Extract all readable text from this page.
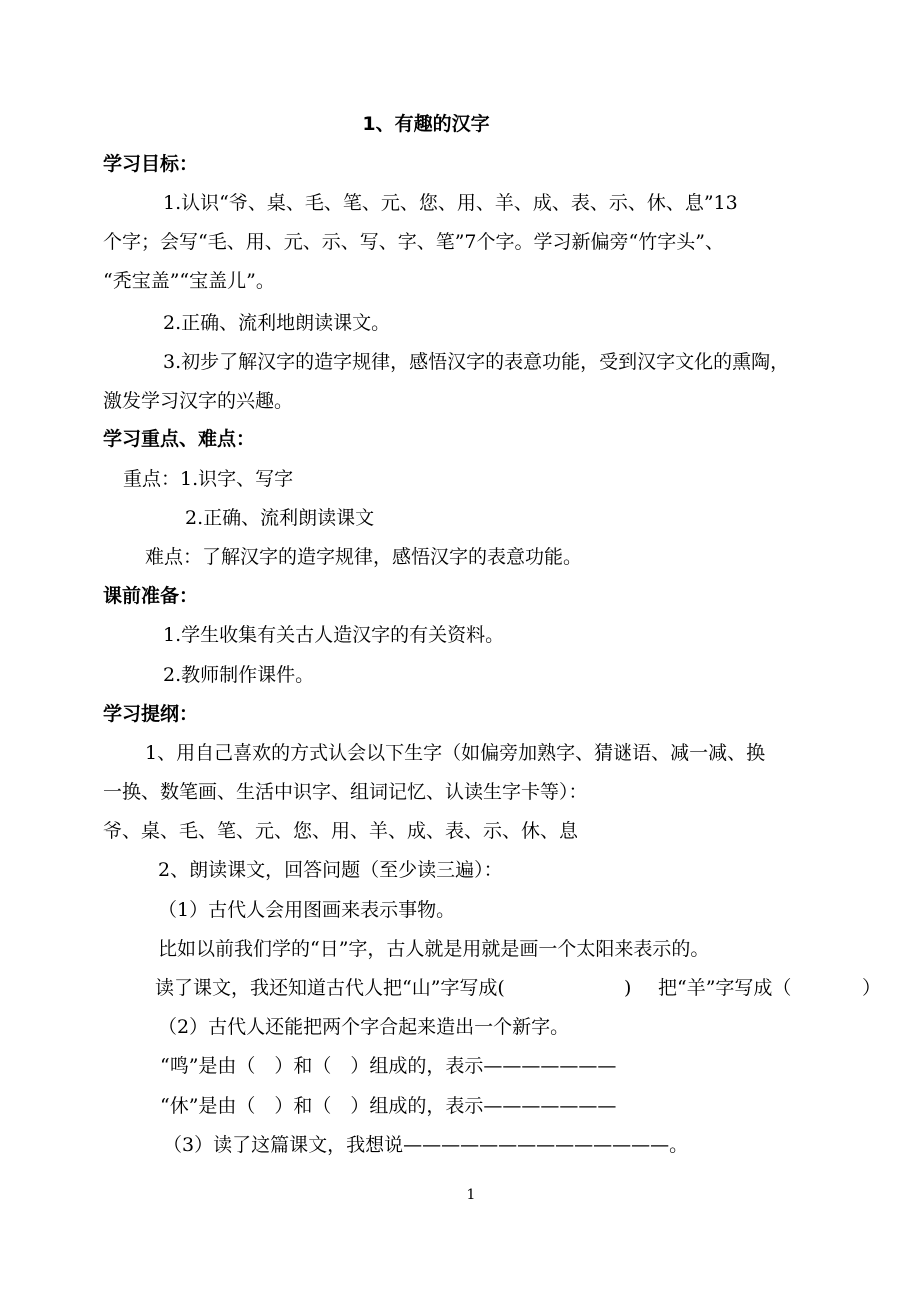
1、有趣的汉字
学习目标：
1.认识“爷、桌、毛、笔、元、您、用、羊、成、表、示、休、息”13
个字；会写“毛、用、元、示、写、字、笔”7个字。学习新偏旁“竹字头”、
“秃宝盖”“宝盖儿”。
2.正确、流利地朗读课文。
3.初步了解汉字的造字规律，感悟汉字的表意功能，受到汉字文化的熏陶，
激发学习汉字的兴趣。
学习重点、难点：
重点：1.识字、写字
2.正确、流利朗读课文
难点：了解汉字的造字规律，感悟汉字的表意功能。
课前准备：
1.学生收集有关古人造汉字的有关资料。
2.教师制作课件。
学习提纲：
1、用自己喜欢的方式认会以下生字（如偏旁加熟字、猜谜语、减一减、换
一换、数笔画、生活中识字、组词记忆、认读生字卡等）：
爷、桌、毛、笔、元、您、用、羊、成、表、示、休、息
2、朗读课文，回答问题（至少读三遍）：
（1）古代人会用图画来表示事物。
比如以前我们学的“日”字，古人就是用就是画一个太阳来表示的。
读了课文，我还知道古代人把“山”字写成(	) 把“羊”字写成（	）
（2）古代人还能把两个字合起来造出一个新字。
“鸣”是由（　）和（　）组成的，表示———————
“休”是由（　）和（　）组成的，表示———————
（3）读了这篇课文，我想说——————————————。
1
